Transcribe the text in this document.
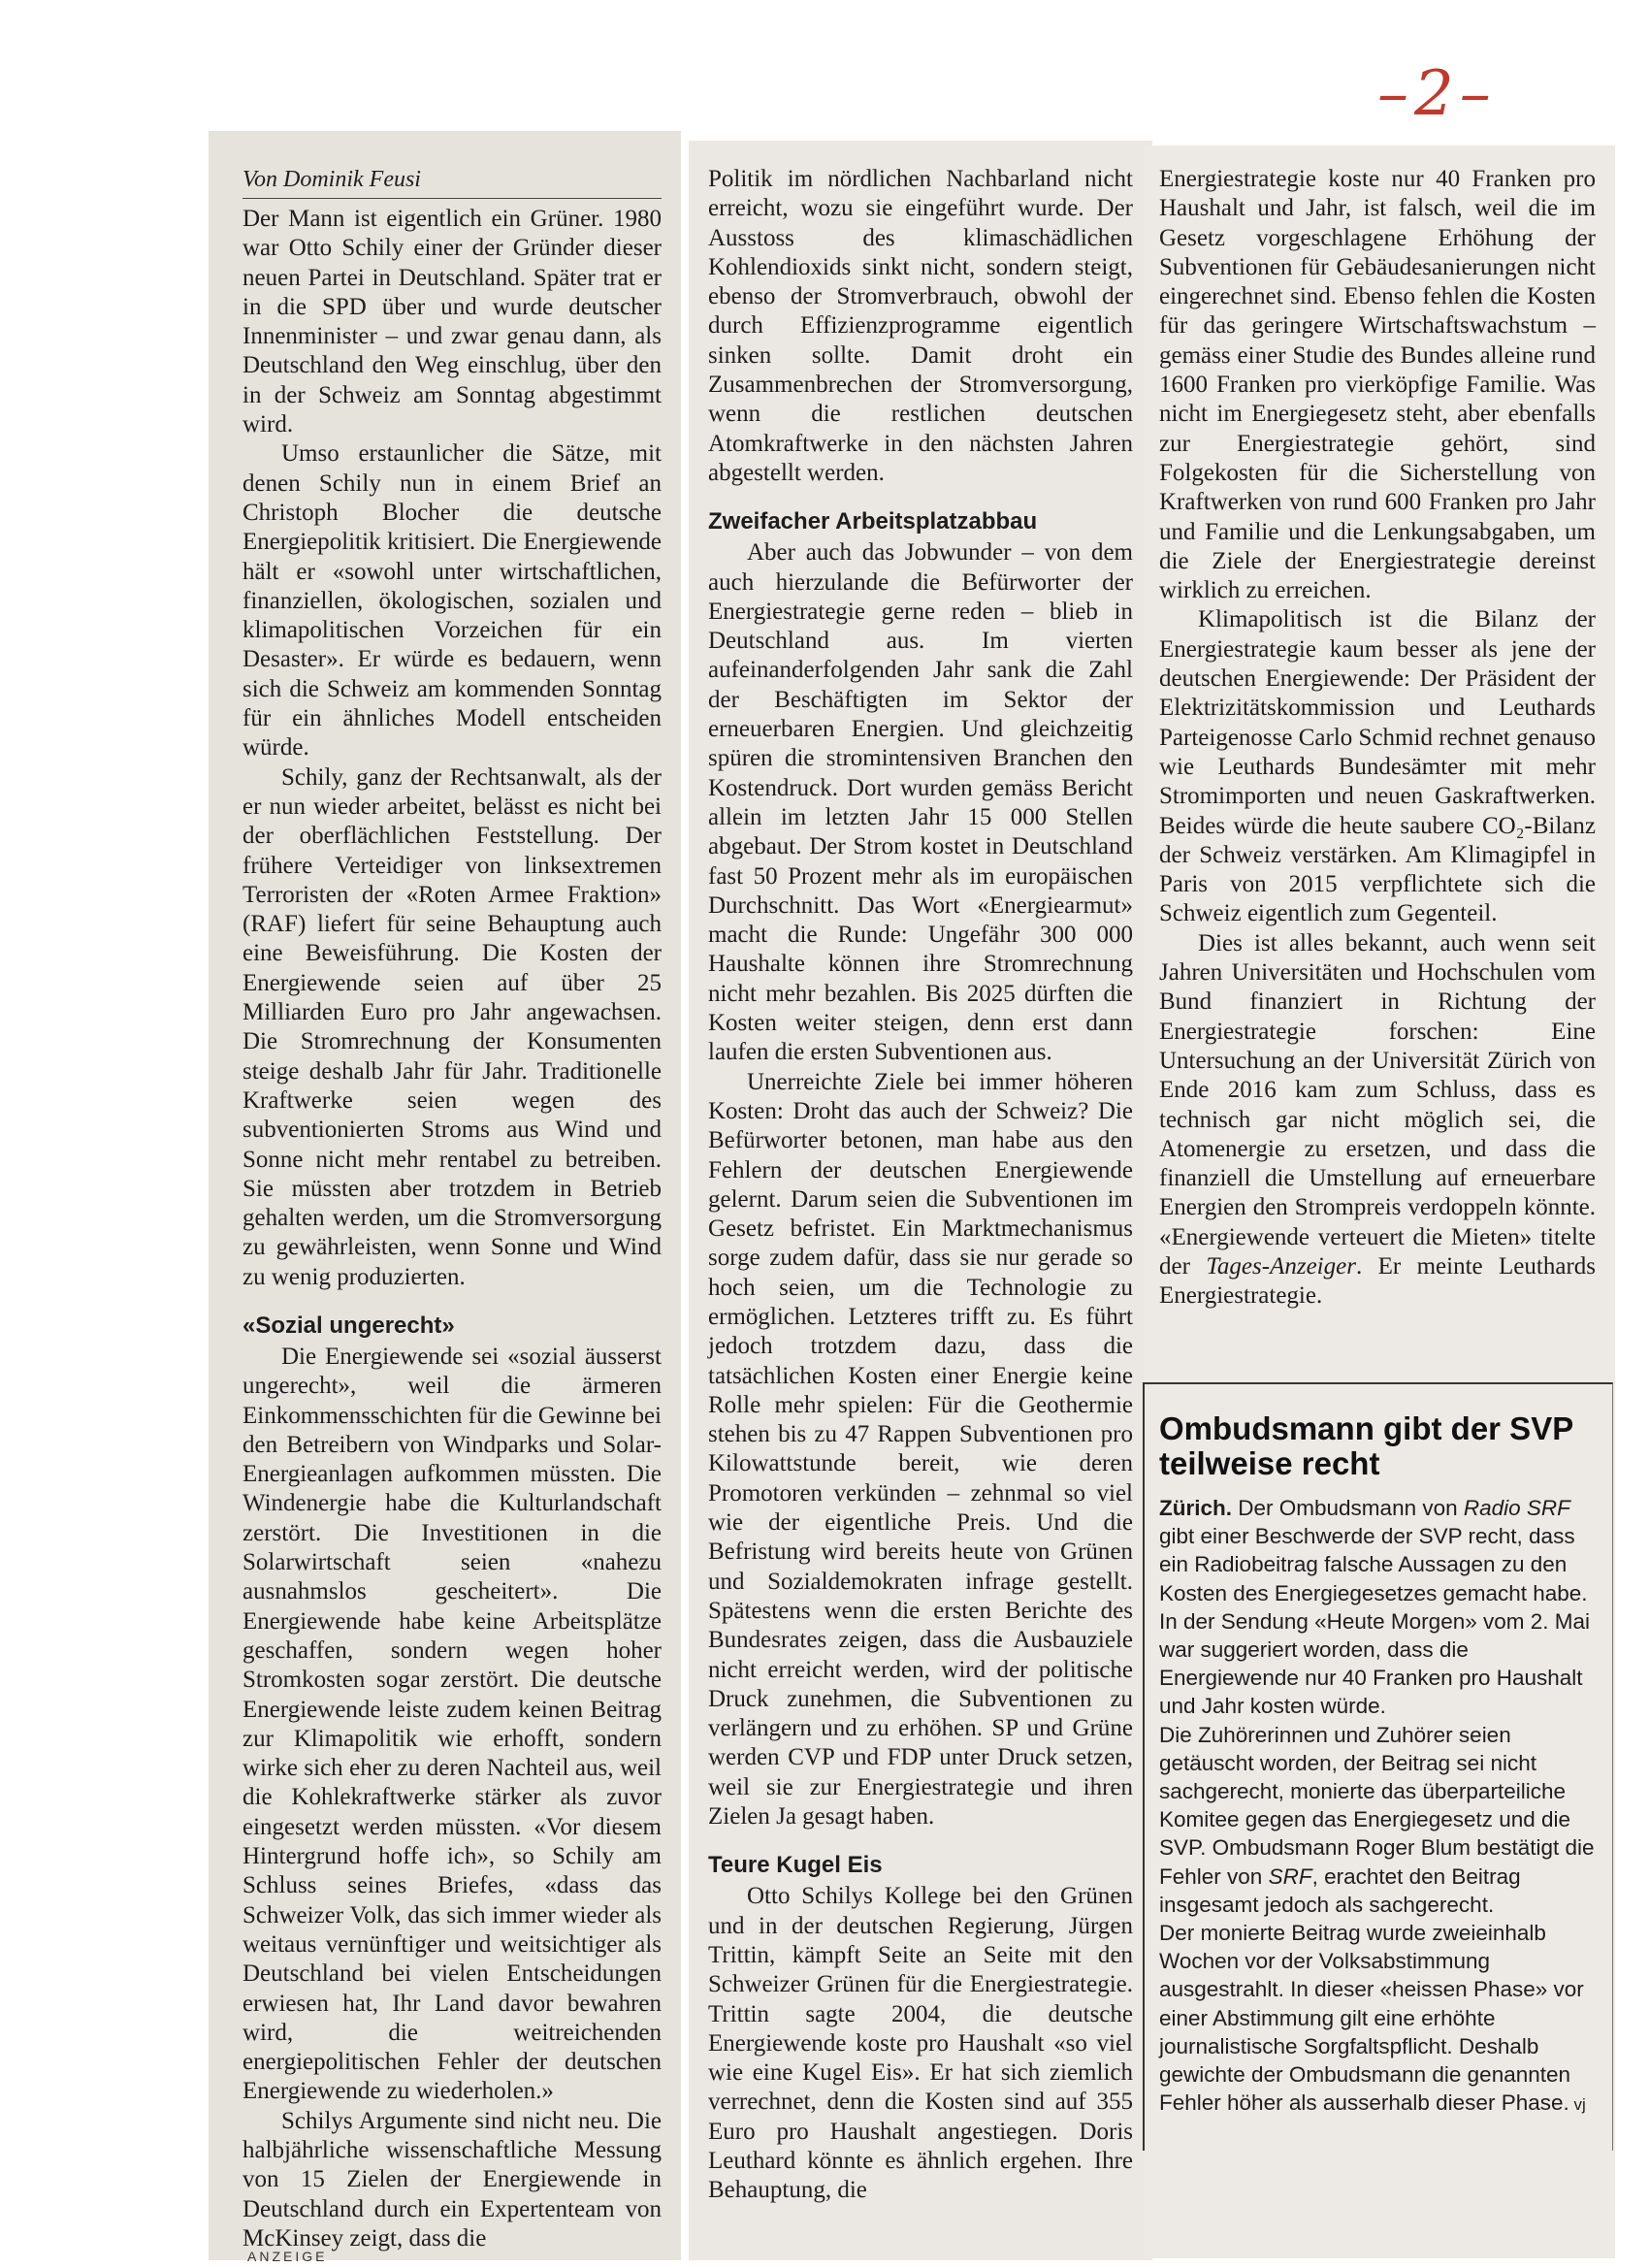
–2–
Von Dominik Feusi

Der Mann ist eigentlich ein Grüner. 1980 war Otto Schily einer der Gründer dieser neuen Partei in Deutschland. Später trat er in die SPD über und wurde deutscher Innenminister – und zwar genau dann, als Deutschland den Weg einschlug, über den in der Schweiz am Sonntag abgestimmt wird.

Umso erstaunlicher die Sätze, mit denen Schily nun in einem Brief an Christoph Blocher die deutsche Energiepolitik kritisiert. Die Energiewende hält er «sowohl unter wirtschaftlichen, finanziellen, ökologischen, sozialen und klimapolitischen Vorzeichen für ein Desaster». Er würde es bedauern, wenn sich die Schweiz am kommenden Sonntag für ein ähnliches Modell entscheiden würde.

Schily, ganz der Rechtsanwalt, als der er nun wieder arbeitet, belässt es nicht bei der oberflächlichen Feststellung. Der frühere Verteidiger von linksextremen Terroristen der «Roten Armee Fraktion» (RAF) liefert für seine Behauptung auch eine Beweisführung. Die Kosten der Energiewende seien auf über 25 Milliarden Euro pro Jahr angewachsen. Die Stromrechnung der Konsumenten steige deshalb Jahr für Jahr. Traditionelle Kraftwerke seien wegen des subventionierten Stroms aus Wind und Sonne nicht mehr rentabel zu betreiben. Sie müssten aber trotzdem in Betrieb gehalten werden, um die Stromversorgung zu gewährleisten, wenn Sonne und Wind zu wenig produzierten.

«Sozial ungerecht»

Die Energiewende sei «sozial äusserst ungerecht», weil die ärmeren Einkommensschichten für die Gewinne bei den Betreibern von Windparks und Solar-Energieanlagen aufkommen müssten. Die Windenergie habe die Kulturlandschaft zerstört. Die Investitionen in die Solarwirtschaft seien «nahezu ausnahmslos gescheitert». Die Energiewende habe keine Arbeitsplätze geschaffen, sondern wegen hoher Stromkosten sogar zerstört. Die deutsche Energiewende leiste zudem keinen Beitrag zur Klimapolitik wie erhofft, sondern wirke sich eher zu deren Nachteil aus, weil die Kohlekraftwerke stärker als zuvor eingesetzt werden müssten. «Vor diesem Hintergrund hoffe ich», so Schily am Schluss seines Briefes, «dass das Schweizer Volk, das sich immer wieder als weitaus vernünftiger und weitsichtiger als Deutschland bei vielen Entscheidungen erwiesen hat, Ihr Land davor bewahren wird, die weitreichenden energiepolitischen Fehler der deutschen Energiewende zu wiederholen.»

Schilys Argumente sind nicht neu. Die halbjährliche wissenschaftliche Messung von 15 Zielen der Energiewende in Deutschland durch ein Expertenteam von McKinsey zeigt, dass die

Politik im nördlichen Nachbarland nicht erreicht, wozu sie eingeführt wurde. Der Ausstoss des klimaschädlichen Kohlendioxids sinkt nicht, sondern steigt, ebenso der Stromverbrauch, obwohl der durch Effizienzprogramme eigentlich sinken sollte. Damit droht ein Zusammenbrechen der Stromversorgung, wenn die restlichen deutschen Atomkraftwerke in den nächsten Jahren abgestellt werden.

Zweifacher Arbeitsplatzabbau

Aber auch das Jobwunder – von dem auch hierzulande die Befürworter der Energiestrategie gerne reden – blieb in Deutschland aus. Im vierten aufeinanderfolgenden Jahr sank die Zahl der Beschäftigten im Sektor der erneuerbaren Energien. Und gleichzeitig spüren die stromintensiven Branchen den Kostendruck. Dort wurden gemäss Bericht allein im letzten Jahr 15 000 Stellen abgebaut. Der Strom kostet in Deutschland fast 50 Prozent mehr als im europäischen Durchschnitt. Das Wort «Energiearmut» macht die Runde: Ungefähr 300 000 Haushalte können ihre Stromrechnung nicht mehr bezahlen. Bis 2025 dürften die Kosten weiter steigen, denn erst dann laufen die ersten Subventionen aus.

Unerreichte Ziele bei immer höheren Kosten: Droht das auch der Schweiz? Die Befürworter betonen, man habe aus den Fehlern der deutschen Energiewende gelernt. Darum seien die Subventionen im Gesetz befristet. Ein Marktmechanismus sorge zudem dafür, dass sie nur gerade so hoch seien, um die Technologie zu ermöglichen. Letzteres trifft zu. Es führt jedoch trotzdem dazu, dass die tatsächlichen Kosten einer Energie keine Rolle mehr spielen: Für die Geothermie stehen bis zu 47 Rappen Subventionen pro Kilowattstunde bereit, wie deren Promotoren verkünden – zehnmal so viel wie der eigentliche Preis. Und die Befristung wird bereits heute von Grünen und Sozialdemokraten infrage gestellt. Spätestens wenn die ersten Berichte des Bundesrates zeigen, dass die Ausbauziele nicht erreicht werden, wird der politische Druck zunehmen, die Subventionen zu verlängern und zu erhöhen. SP und Grüne werden CVP und FDP unter Druck setzen, weil sie zur Energiestrategie und ihren Zielen Ja gesagt haben.

Teure Kugel Eis

Otto Schilys Kollege bei den Grünen und in der deutschen Regierung, Jürgen Trittin, kämpft Seite an Seite mit den Schweizer Grünen für die Energiestrategie. Trittin sagte 2004, die deutsche Energiewende koste pro Haushalt «so viel wie eine Kugel Eis». Er hat sich ziemlich verrechnet, denn die Kosten sind auf 355 Euro pro Haushalt angestiegen. Doris Leuthard könnte es ähnlich ergehen. Ihre Behauptung, die

Energiestrategie koste nur 40 Franken pro Haushalt und Jahr, ist falsch, weil die im Gesetz vorgeschlagene Erhöhung der Subventionen für Gebäudesanierungen nicht eingerechnet sind. Ebenso fehlen die Kosten für das geringere Wirtschaftswachstum – gemäss einer Studie des Bundes alleine rund 1600 Franken pro vierköpfige Familie. Was nicht im Energiegesetz steht, aber ebenfalls zur Energiestrategie gehört, sind Folgekosten für die Sicherstellung von Kraftwerken von rund 600 Franken pro Jahr und Familie und die Lenkungsabgaben, um die Ziele der Energiestrategie dereinst wirklich zu erreichen.

Klimapolitisch ist die Bilanz der Energiestrategie kaum besser als jene der deutschen Energiewende: Der Präsident der Elektrizitätskommission und Leuthards Parteigenosse Carlo Schmid rechnet genauso wie Leuthards Bundesämter mit mehr Stromimporten und neuen Gaskraftwerken. Beides würde die heute saubere CO₂-Bilanz der Schweiz verstärken. Am Klimagipfel in Paris von 2015 verpflichtete sich die Schweiz eigentlich zum Gegenteil.

Dies ist alles bekannt, auch wenn seit Jahren Universitäten und Hochschulen vom Bund finanziert in Richtung der Energiestrategie forschen: Eine Untersuchung an der Universität Zürich von Ende 2016 kam zum Schluss, dass es technisch gar nicht möglich sei, die Atomenergie zu ersetzen, und dass die finanziell die Umstellung auf erneuerbare Energien den Strompreis verdoppeln könnte. «Energiewende verteuert die Mieten» titelte der Tages-Anzeiger. Er meinte Leuthards Energiestrategie.

Ombudsmann gibt der SVP teilweise recht

Zürich. Der Ombudsmann von Radio SRF gibt einer Beschwerde der SVP recht, dass ein Radiobeitrag falsche Aussagen zu den Kosten des Energiegesetzes gemacht habe. In der Sendung «Heute Morgen» vom 2. Mai war suggeriert worden, dass die Energiewende nur 40 Franken pro Haushalt und Jahr kosten würde.

Die Zuhörerinnen und Zuhörer seien getäuscht worden, der Beitrag sei nicht sachgerecht, monierte das überparteiliche Komitee gegen das Energiegesetz und die SVP. Ombudsmann Roger Blum bestätigt die Fehler von SRF, erachtet den Beitrag insgesamt jedoch als sachgerecht.

Der monierte Beitrag wurde zweieinhalb Wochen vor der Volksabstimmung ausgestrahlt. In dieser «heissen Phase» vor einer Abstimmung gilt eine erhöhte journalistische Sorgfaltspflicht. Deshalb gewichte der Ombudsmann die genannten Fehler höher als ausserhalb dieser Phase. vj

ANZEIGE
